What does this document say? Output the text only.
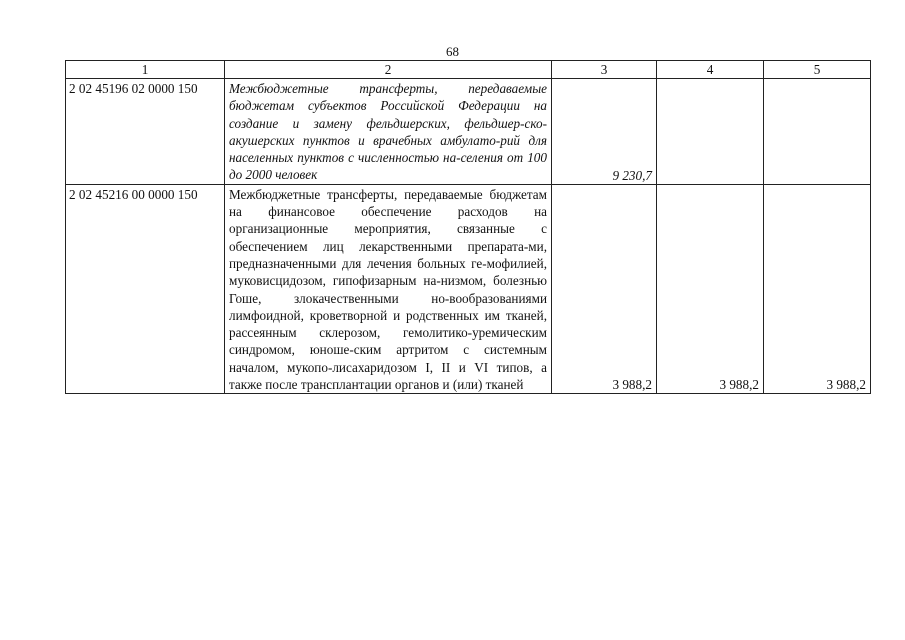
68
1	2	3	4	5
2 02 45196 02 0000 150	Межбюджетные трансферты, передаваемые бюджетам субъектов Российской Федерации на создание и замену фельдшерских, фельдшер-ско-акушерских пунктов и врачебных амбулато-рий для населенных пунктов с численностью на-селения от 100 до 2000 человек	9 230,7		
2 02 45216 00 0000 150	Межбюджетные трансферты, передаваемые бюджетам на финансовое обеспечение расходов на организационные мероприятия, связанные с обеспечением лиц лекарственными препарата-ми, предназначенными для лечения больных ге-мофилией, муковисцидозом, гипофизарным на-низмом, болезнью Гоше, злокачественными но-вообразованиями лимфоидной, кроветворной и родственных им тканей, рассеянным склерозом, гемолитико-уремическим синдромом, юноше-ским артритом с системным началом, мукопо-лисахаридозом I, II и VI типов, а также после трансплантации органов и (или) тканей	3 988,2	3 988,2	3 988,2
